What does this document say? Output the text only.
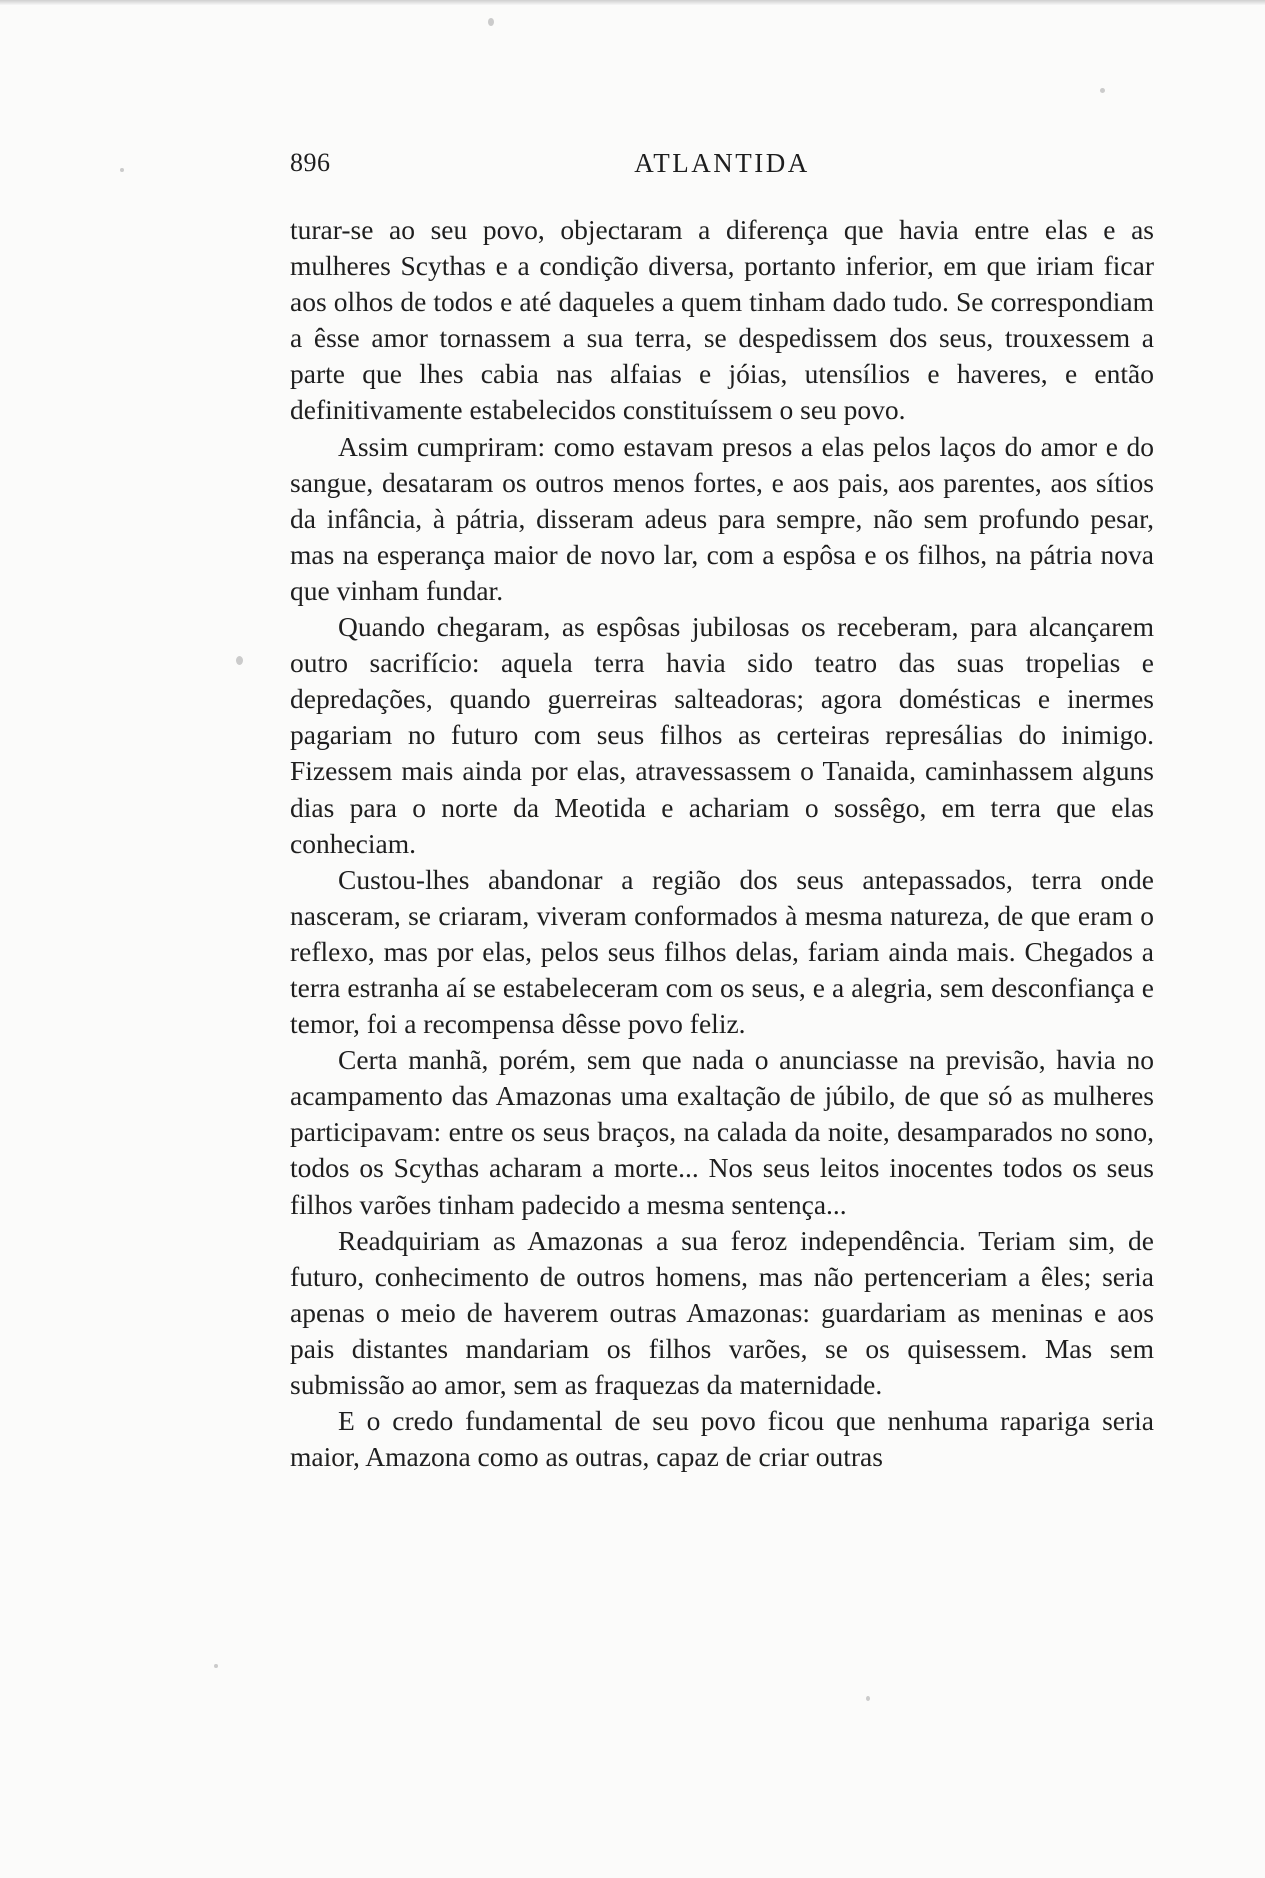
896	ATLANTIDA

turar-se ao seu povo, objectaram a diferença que havia entre elas e as mulheres Scythas e a condição diversa, portanto inferior, em que iriam ficar aos olhos de todos e até daqueles a quem tinham dado tudo. Se correspondiam a êsse amor tornassem a sua terra, se despedissem dos seus, trouxessem a parte que lhes cabia nas alfaias e jóias, utensílios e haveres, e então definitivamente estabelecidos constituíssem o seu povo.

Assim cumpriram: como estavam presos a elas pelos laços do amor e do sangue, desataram os outros menos fortes, e aos pais, aos parentes, aos sítios da infância, à pátria, disseram adeus para sempre, não sem profundo pesar, mas na esperança maior de novo lar, com a espôsa e os filhos, na pátria nova que vinham fundar.

Quando chegaram, as espôsas jubilosas os receberam, para alcançarem outro sacrifício: aquela terra havia sido teatro das suas tropelias e depredações, quando guerreiras salteadoras; agora domésticas e inermes pagariam no futuro com seus filhos as certeiras represálias do inimigo. Fizessem mais ainda por elas, atravessassem o Tanaida, caminhassem alguns dias para o norte da Meotida e achariam o sossêgo, em terra que elas conheciam.

Custou-lhes abandonar a região dos seus antepassados, terra onde nasceram, se criaram, viveram conformados à mesma natureza, de que eram o reflexo, mas por elas, pelos seus filhos delas, fariam ainda mais. Chegados a terra estranha aí se estabeleceram com os seus, e a alegria, sem desconfiança e temor, foi a recompensa dêsse povo feliz.

Certa manhã, porém, sem que nada o anunciasse na previsão, havia no acampamento das Amazonas uma exaltação de júbilo, de que só as mulheres participavam: entre os seus braços, na calada da noite, desamparados no sono, todos os Scythas acharam a morte... Nos seus leitos inocentes todos os seus filhos varões tinham padecido a mesma sentença...

Readquiriam as Amazonas a sua feroz independência. Teriam sim, de futuro, conhecimento de outros homens, mas não pertenceriam a êles; seria apenas o meio de haverem outras Amazonas: guardariam as meninas e aos pais distantes mandariam os filhos varões, se os quisessem. Mas sem submissão ao amor, sem as fraquezas da maternidade.

E o credo fundamental de seu povo ficou que nenhuma rapariga seria maior, Amazona como as outras, capaz de criar outras
